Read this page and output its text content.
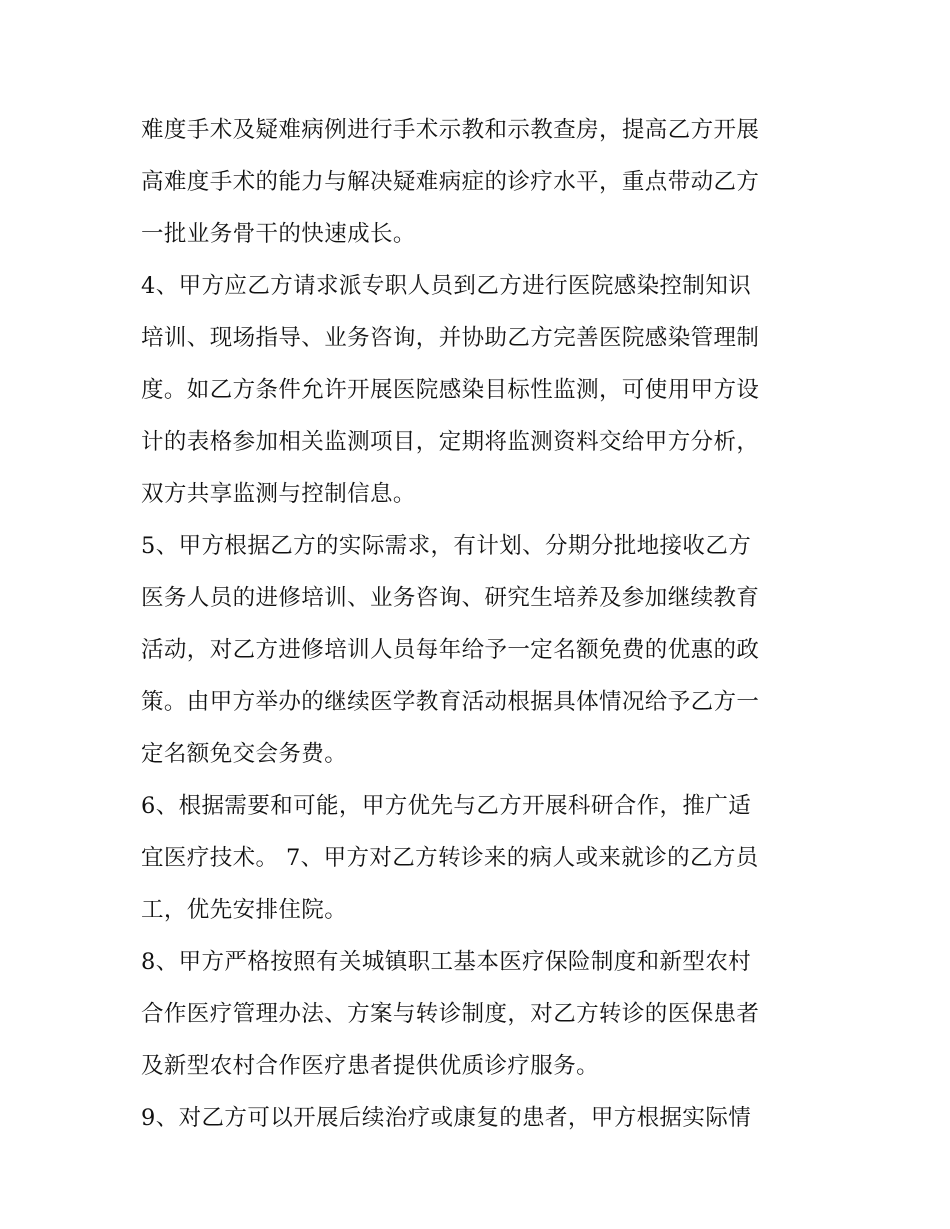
难度手术及疑难病例进行手术示教和示教查房，提高乙方开展
高难度手术的能力与解决疑难病症的诊疗水平，重点带动乙方
一批业务骨干的快速成长。
4、甲方应乙方请求派专职人员到乙方进行医院感染控制知识
培训、现场指导、业务咨询，并协助乙方完善医院感染管理制
度。如乙方条件允许开展医院感染目标性监测，可使用甲方设
计的表格参加相关监测项目，定期将监测资料交给甲方分析，
双方共享监测与控制信息。
5、甲方根据乙方的实际需求，有计划、分期分批地接收乙方
医务人员的进修培训、业务咨询、研究生培养及参加继续教育
活动，对乙方进修培训人员每年给予一定名额免费的优惠的政
策。由甲方举办的继续医学教育活动根据具体情况给予乙方一
定名额免交会务费。
6、根据需要和可能，甲方优先与乙方开展科研合作，推广适
宜医疗技术。 7、甲方对乙方转诊来的病人或来就诊的乙方员
工，优先安排住院。
8、甲方严格按照有关城镇职工基本医疗保险制度和新型农村
合作医疗管理办法、方案与转诊制度，对乙方转诊的医保患者
及新型农村合作医疗患者提供优质诊疗服务。
9、对乙方可以开展后续治疗或康复的患者，甲方根据实际情
